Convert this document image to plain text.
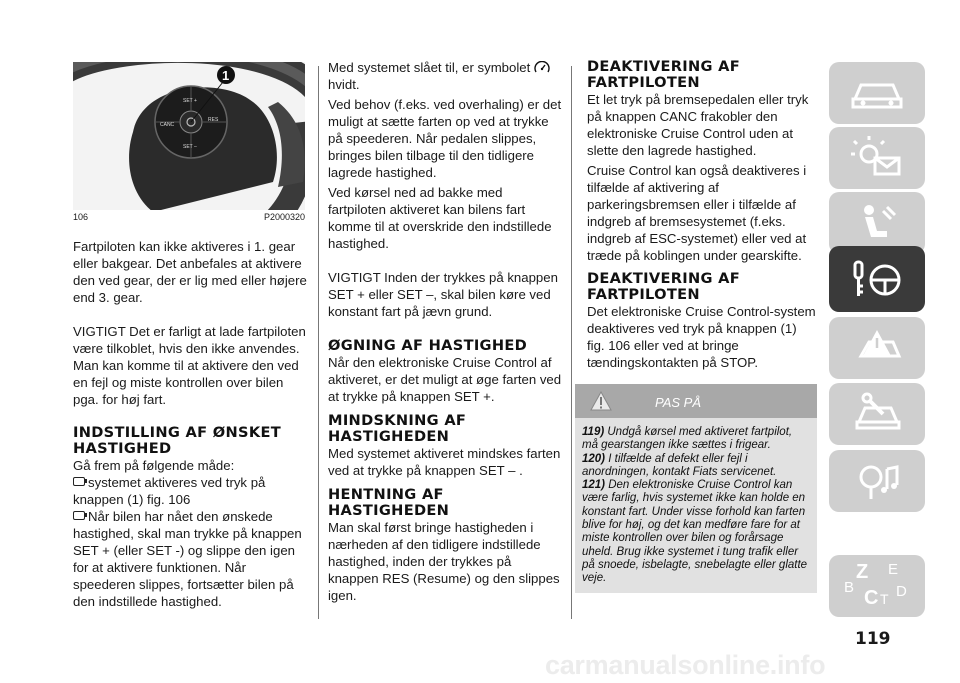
SET +
CANC
RES
SET –
1
106	P2000320

Fartpiloten kan ikke aktiveres i 1. gear eller bakgear. Det anbefales at aktivere den ved gear, der er lig med eller højere end 3. gear.

VIGTIGT Det er farligt at lade fartpiloten være tilkoblet, hvis den ikke anvendes. Man kan komme til at aktivere den ved en fejl og miste kontrollen over bilen pga. for høj fart.

INDSTILLING AF ØNSKET HASTIGHED

Gå frem på følgende måde:

systemet aktiveres ved tryk på knappen (1) fig. 106

Når bilen har nået den ønskede hastighed, skal man trykke på knappen SET + (eller SET -) og slippe den igen for at aktivere funktionen. Når speederen slippes, fortsætter bilen på den indstillede hastighed.

Med systemet slået til, er symbolet
hvidt.

Ved behov (f.eks. ved overhaling) er det muligt at sætte farten op ved at trykke på speederen. Når pedalen slippes, bringes bilen tilbage til den tidligere lagrede hastighed.

Ved kørsel ned ad bakke med fartpiloten aktiveret kan bilens fart komme til at overskride den indstillede hastighed.

VIGTIGT Inden der trykkes på knappen SET + eller SET –, skal bilen køre ved konstant fart på jævn grund.

ØGNING AF HASTIGHED

Når den elektroniske Cruise Control af aktiveret, er det muligt at øge farten ved at trykke på knappen SET +.

MINDSKNING AF HASTIGHEDEN

Med systemet aktiveret mindskes farten ved at trykke på knappen SET – .

HENTNING AF HASTIGHEDEN

Man skal først bringe hastigheden i nærheden af den tidligere indstillede hastighed, inden der trykkes på knappen RES (Resume) og den slippes igen.

DEAKTIVERING AF FARTPILOTEN

Et let tryk på bremsepedalen eller tryk på knappen CANC frakobler den elektroniske Cruise Control uden at slette den lagrede hastighed.

Cruise Control kan også deaktiveres i tilfælde af aktivering af parkeringsbremsen eller i tilfælde af indgreb af bremsesystemet (f.eks. indgreb af ESC-systemet) eller ved at træde på koblingen under gearskifte.

DEAKTIVERING AF FARTPILOTEN

Det elektroniske Cruise Control-system deaktiveres ved tryk på knappen (1) fig. 106 eller ved at bringe tændingskontakten på STOP.

PAS PÅ
119) Undgå kørsel med aktiveret fartpilot, må gearstangen ikke sættes i frigear.
120) I tilfælde af defekt eller fejl i anordningen, kontakt Fiats servicenet.
121) Den elektroniske Cruise Control kan være farlig, hvis systemet ikke kan holde en konstant fart. Under visse forhold kan farten blive for høj, og det kan medføre fare for at miste kontrollen over bilen og forårsage uheld. Brug ikke systemet i tung trafik eller på snoede, isbelagte, snebelagte eller glatte veje.	Z E
B C T D
119
carmanualsonline.info
